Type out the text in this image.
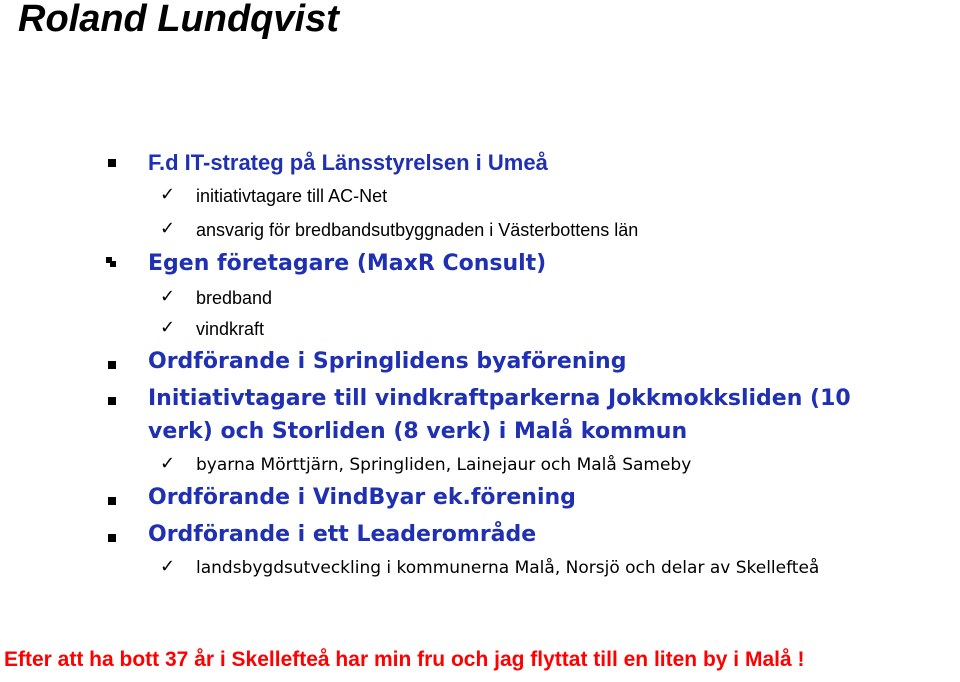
Roland Lundqvist
F.d IT-strateg på Länsstyrelsen i Umeå
✓ initiativtagare till AC-Net
✓ ansvarig för bredbandsutbyggnaden i Västerbottens län
Egen företagare (MaxR Consult)
✓ bredband
✓ vindkraft
Ordförande i Springlidens byaförening
Initiativtagare till vindkraftparkerna Jokkmokksliden (10
verk) och Storliden (8 verk) i Malå kommun
✓ byarna Mörttjärn, Springliden, Lainejaur och Malå Sameby
Ordförande i VindByar ek.förening
Ordförande i ett Leaderområde
✓ landsbygdsutveckling i kommunerna Malå, Norsjö och delar av Skellefteå

Efter att ha bott 37 år i Skellefteå har min fru och jag flyttat till en liten by i Malå !
